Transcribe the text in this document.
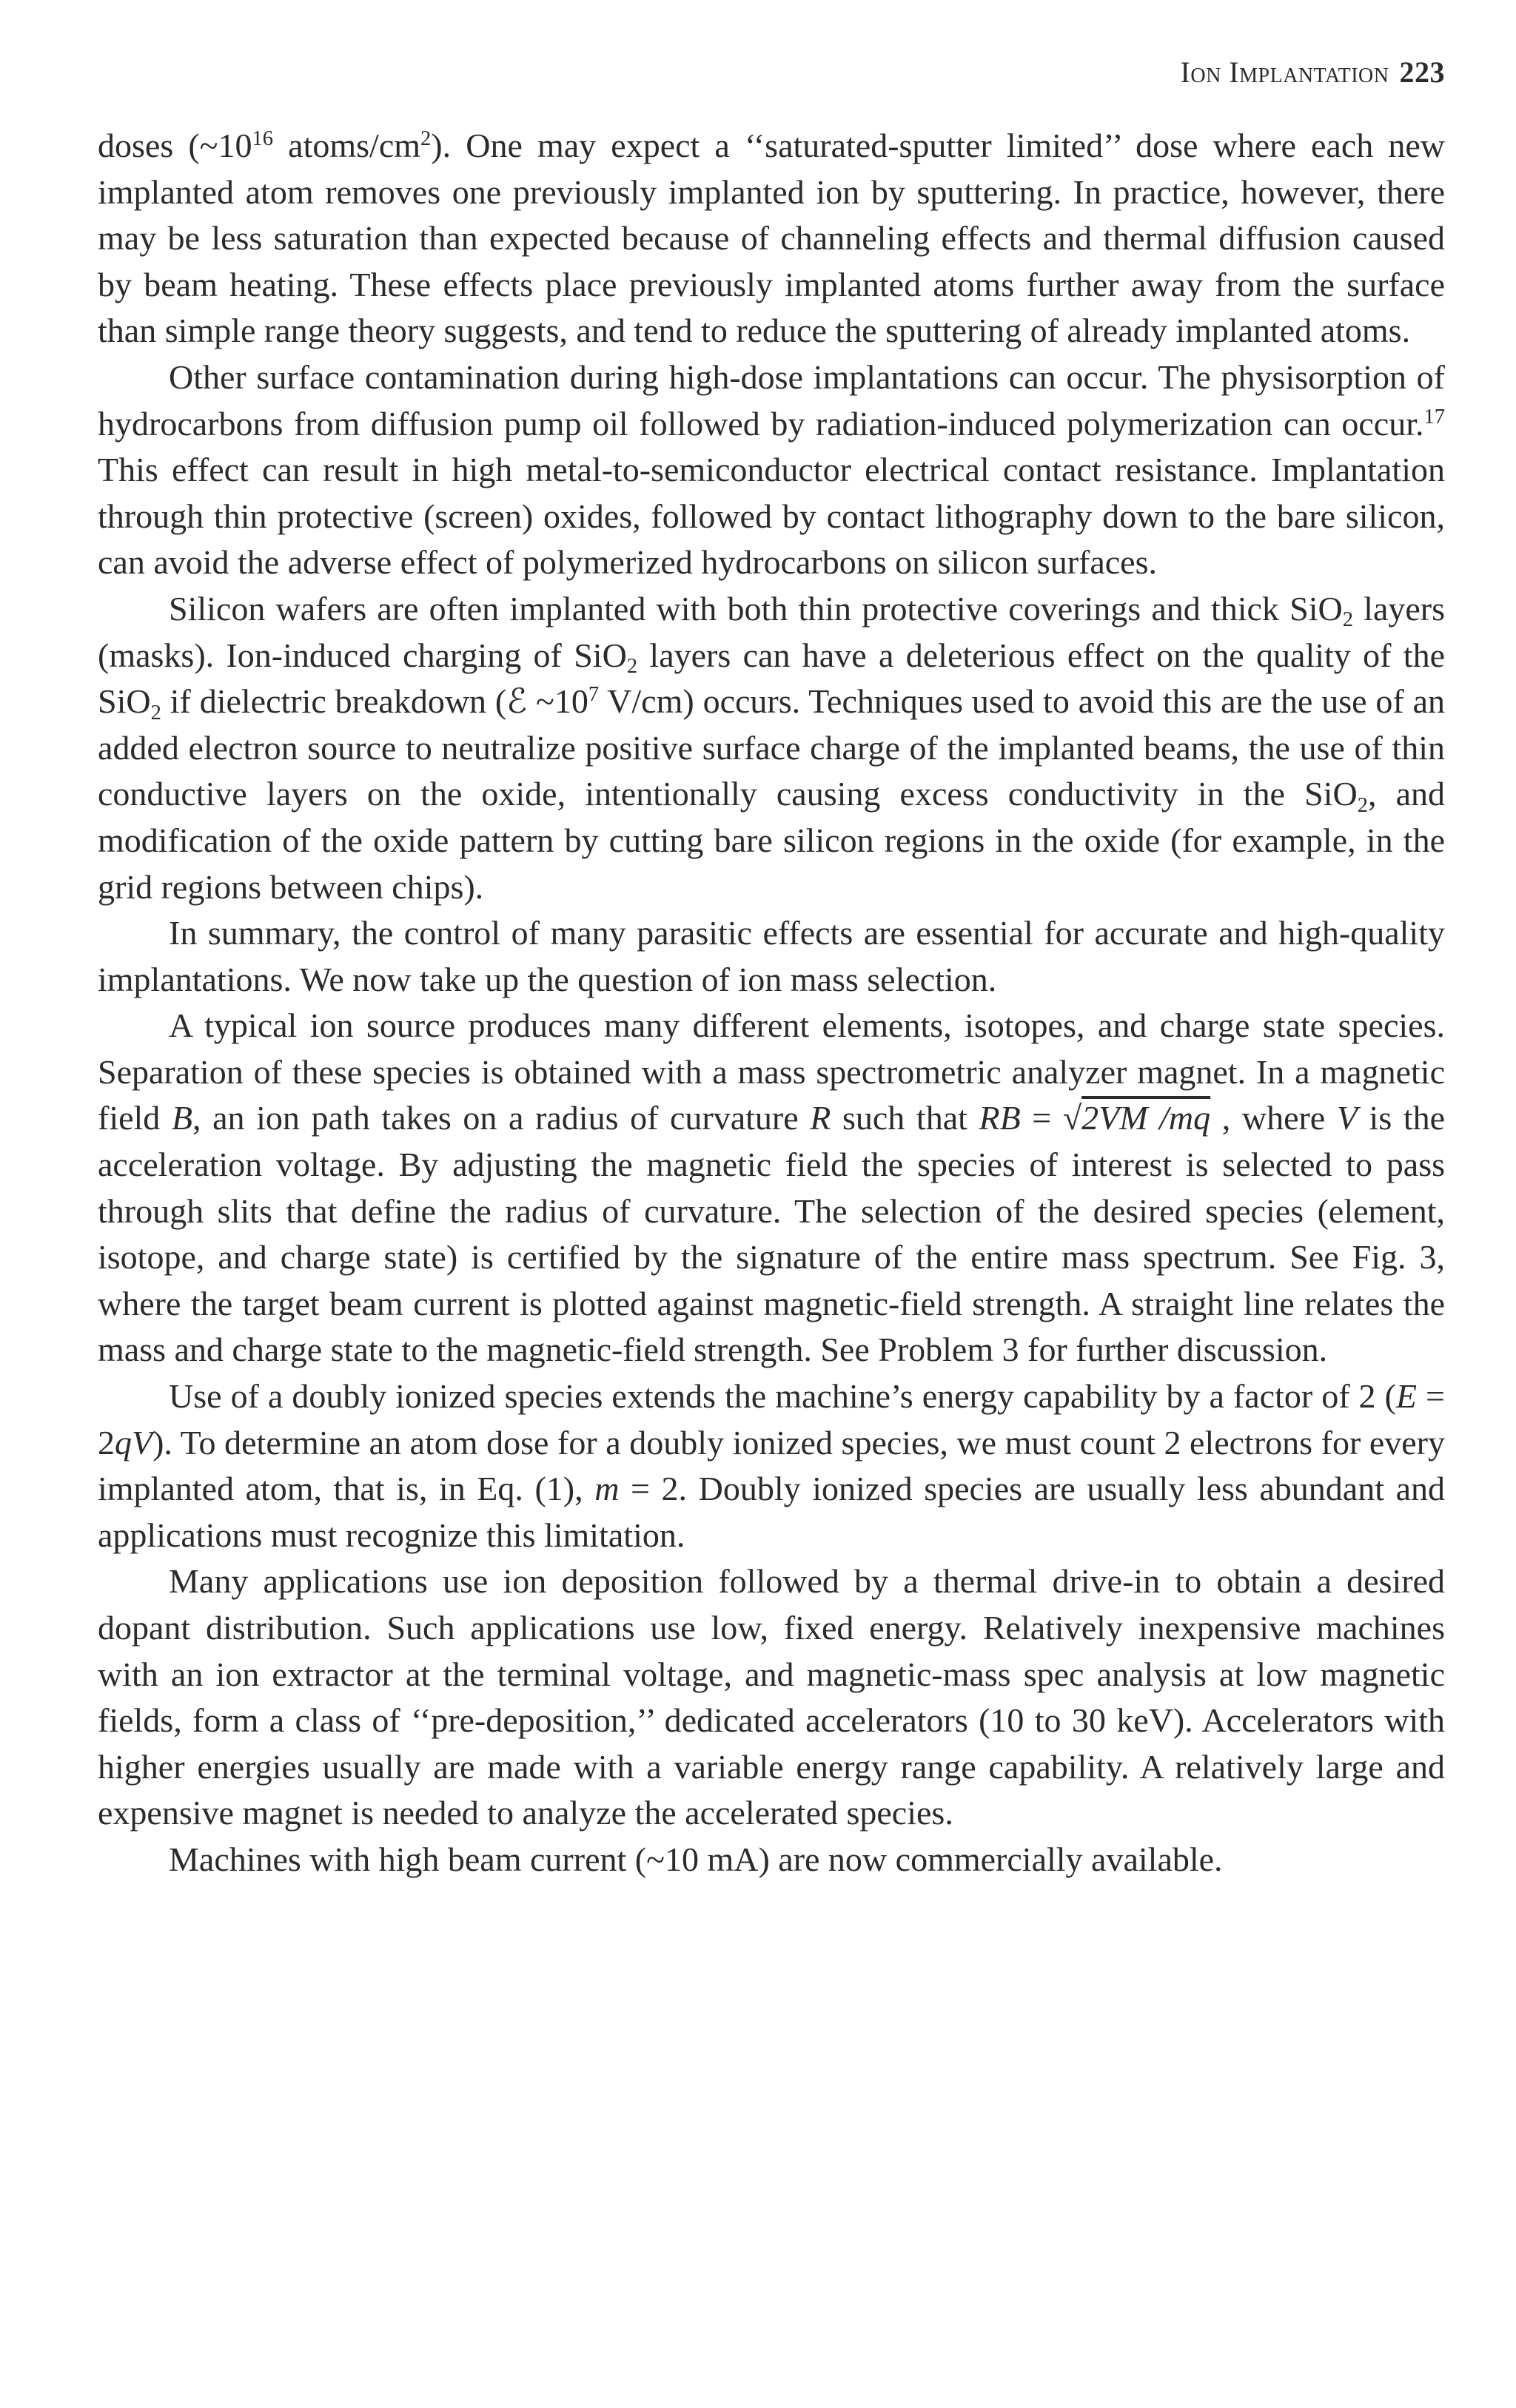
Ion Implantation 223

doses ($\sim 10^{16}$ atoms/$cm^2$). One may expect a ‘‘saturated-sputter limited’’ dose where each new implanted atom removes one previously implanted ion by sputtering. In practice, however, there may be less saturation than expected because of channeling effects and thermal diffusion caused by beam heating. These effects place previously implanted atoms further away from the surface than simple range theory suggests, and tend to reduce the sputtering of already implanted atoms.

Other surface contamination during high-dose implantations can occur. The physisorption of hydrocarbons from diffusion pump oil followed by radiation-induced polymerization can occur.$^{17}$ This effect can result in high metal-to-semiconductor electrical contact resistance. Implantation through thin protective (screen) oxides, followed by contact lithography down to the bare silicon, can avoid the adverse effect of polymerized hydrocarbons on silicon surfaces.

Silicon wafers are often implanted with both thin protective coverings and thick SiO$_2$ layers (masks). Ion-induced charging of SiO$_2$ layers can have a deleterious effect on the quality of the SiO$_2$ if dielectric breakdown (ℰ $\sim 10^7$ V/cm) occurs. Techniques used to avoid this are the use of an added electron source to neutralize positive surface charge of the implanted beams, the use of thin conductive layers on the oxide, intentionally causing excess conductivity in the SiO$_2$, and modification of the oxide pattern by cutting bare silicon regions in the oxide (for example, in the grid regions between chips).

In summary, the control of many parasitic effects are essential for accurate and high-quality implantations. We now take up the question of ion mass selection.

A typical ion source produces many different elements, isotopes, and charge state species. Separation of these species is obtained with a mass spectrometric analyzer magnet. In a magnetic field B, an ion path takes on a radius of curvature R such that RB = √2VM /mq , where V is the acceleration voltage. By adjusting the magnetic field the species of interest is selected to pass through slits that define the radius of curvature. The selection of the desired species (element, isotope, and charge state) is certified by the signature of the entire mass spectrum. See Fig. 3, where the target beam current is plotted against magnetic-field strength. A straight line relates the mass and charge state to the magnetic-field strength. See Problem 3 for further discussion.

Use of a doubly ionized species extends the machine’s energy capability by a factor of 2 (E = 2qV). To determine an atom dose for a doubly ionized species, we must count 2 electrons for every implanted atom, that is, in Eq. (1), m = 2. Doubly ionized species are usually less abundant and applications must recognize this limitation.

Many applications use ion deposition followed by a thermal drive-in to obtain a desired dopant distribution. Such applications use low, fixed energy. Relatively inexpensive machines with an ion extractor at the terminal voltage, and magnetic-mass spec analysis at low magnetic fields, form a class of ‘‘pre-deposition,’’ dedicated accelerators (10 to 30 keV). Accelerators with higher energies usually are made with a variable energy range capability. A relatively large and expensive magnet is needed to analyze the accelerated species.

Machines with high beam current (~10 mA) are now commercially available.
